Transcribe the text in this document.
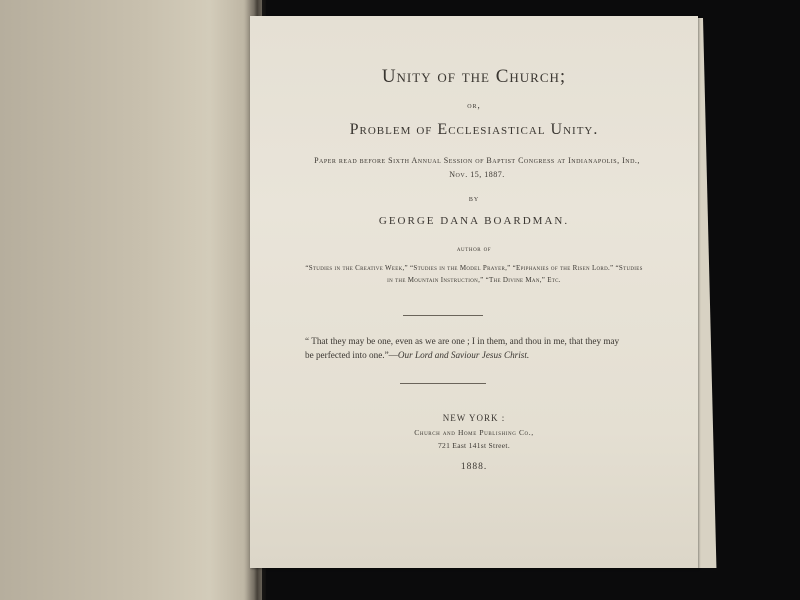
Unity of the Church;
or,
Problem of Ecclesiastical Unity.
Paper read before Sixth Annual Session of Baptist Congress at Indianapolis, Ind., Nov. 15, 1887.
by
GEORGE DANA BOARDMAN.
author of
“Studies in the Creative Week,” “Studies in the Model Prayer,” “Epiphanies of the Risen Lord.” “Studies in the Mountain Instruction,” “The Divine Man,” Etc.
“ That they may be one, even as we are one ; I in them, and thou in me, that they may be perfected into one.”—Our Lord and Saviour Jesus Christ.
NEW YORK :
Church and Home Publishing Co.,
721 East 141st Street.
1888.
